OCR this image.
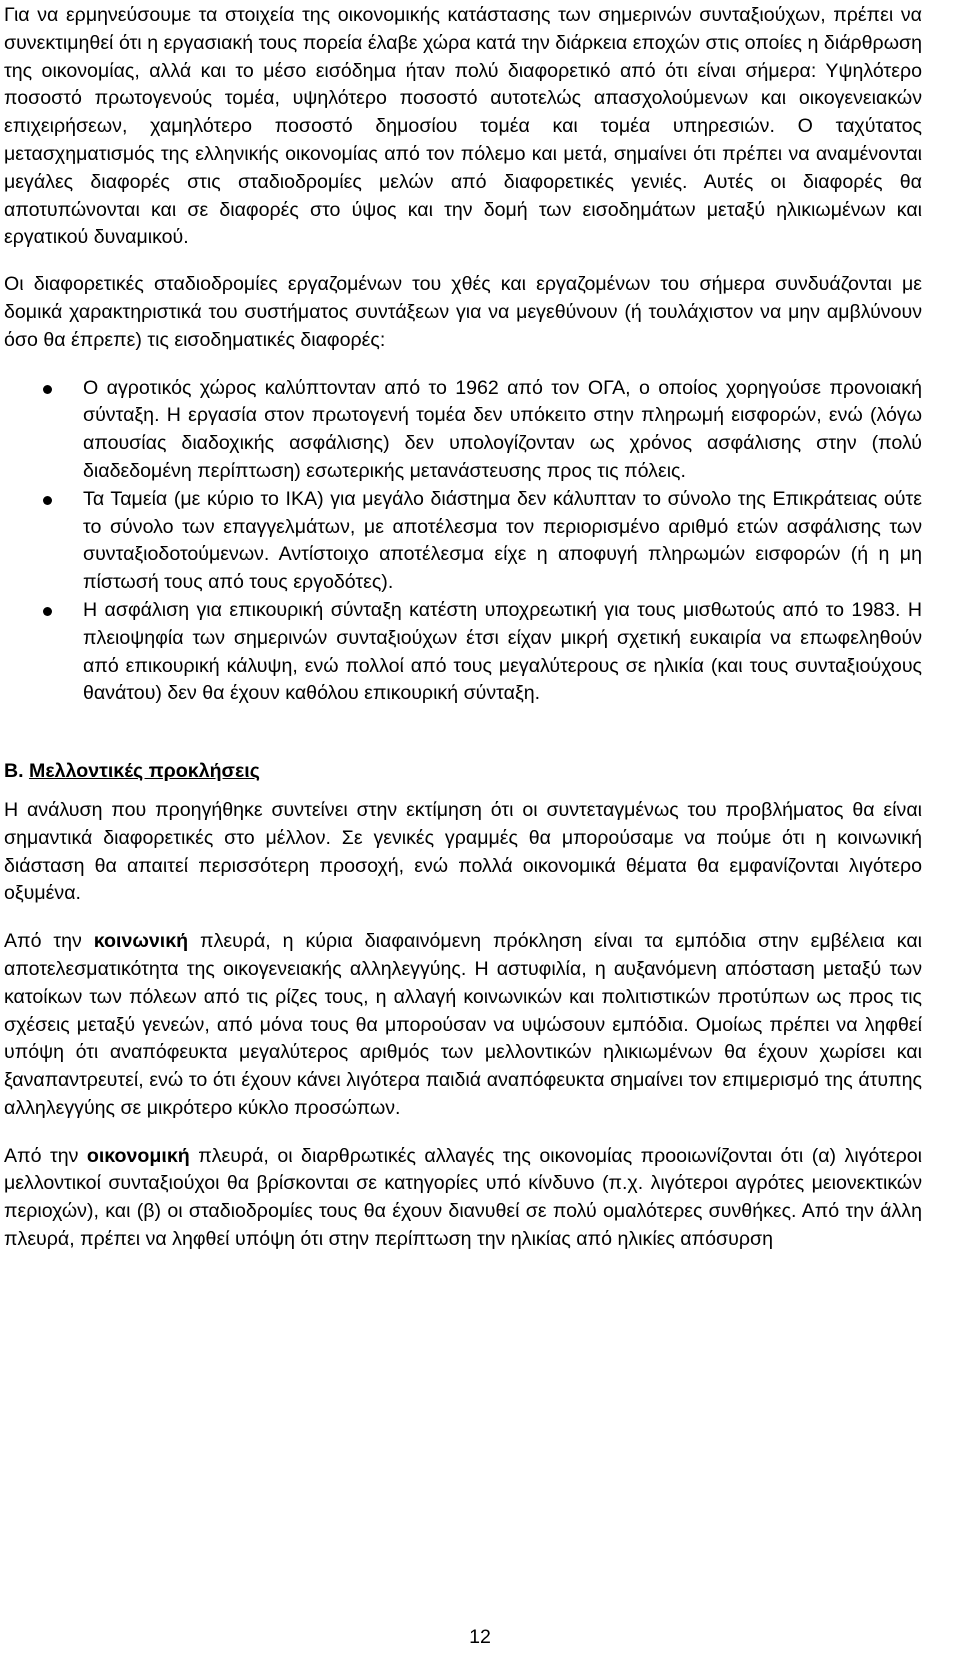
Για να ερμηνεύσουμε τα στοιχεία της οικονομικής κατάστασης των σημερινών συνταξιούχων, πρέπει να συνεκτιμηθεί ότι η εργασιακή τους πορεία έλαβε χώρα κατά την διάρκεια εποχών στις οποίες η διάρθρωση της οικονομίας, αλλά και το μέσο εισόδημα ήταν πολύ διαφορετικό από ότι είναι σήμερα: Υψηλότερο ποσοστό πρωτογενούς τομέα, υψηλότερο ποσοστό αυτοτελώς απασχολούμενων και οικογενειακών επιχειρήσεων, χαμηλότερο ποσοστό δημοσίου τομέα και τομέα υπηρεσιών. Ο ταχύτατος μετασχηματισμός της ελληνικής οικονομίας από τον πόλεμο και μετά, σημαίνει ότι πρέπει να αναμένονται μεγάλες διαφορές στις σταδιοδρομίες μελών από διαφορετικές γενιές. Αυτές οι διαφορές θα αποτυπώνονται και σε διαφορές στο ύψος και την δομή των εισοδημάτων μεταξύ ηλικιωμένων και εργατικού δυναμικού.

Οι διαφορετικές σταδιοδρομίες εργαζομένων του χθές και εργαζομένων του σήμερα συνδυάζονται με δομικά χαρακτηριστικά του συστήματος συντάξεων για να μεγεθύνουν (ή τουλάχιστον να μην αμβλύνουν όσο θα έπρεπε) τις εισοδηματικές διαφορές:

Ο αγροτικός χώρος καλύπτονταν από το 1962 από τον ΟΓΑ, ο οποίος χορηγούσε προνοιακή σύνταξη. Η εργασία στον πρωτογενή τομέα δεν υπόκειτο στην πληρωμή εισφορών, ενώ (λόγω απουσίας διαδοχικής ασφάλισης) δεν υπολογίζονταν ως χρόνος ασφάλισης στην (πολύ διαδεδομένη περίπτωση) εσωτερικής μετανάστευσης προς τις πόλεις.
Τα Ταμεία (με κύριο το ΙΚΑ) για μεγάλο διάστημα δεν κάλυπταν το σύνολο της Επικράτειας ούτε το σύνολο των επαγγελμάτων, με αποτέλεσμα τον περιορισμένο αριθμό ετών ασφάλισης των συνταξιοδοτούμενων. Αντίστοιχο αποτέλεσμα είχε η αποφυγή πληρωμών εισφορών (ή η μη πίστωσή τους από τους εργοδότες).
Η ασφάλιση για επικουρική σύνταξη κατέστη υποχρεωτική για τους μισθωτούς από το 1983. Η πλειοψηφία των σημερινών συνταξιούχων έτσι είχαν μικρή σχετική ευκαιρία να επωφεληθούν από επικουρική κάλυψη, ενώ πολλοί από τους μεγαλύτερους σε ηλικία (και τους συνταξιούχους θανάτου) δεν θα έχουν καθόλου επικουρική σύνταξη.
Β. Μελλοντικές προκλήσεις

Η ανάλυση που προηγήθηκε συντείνει στην εκτίμηση ότι οι συντεταγμένως του προβλήματος θα είναι σημαντικά διαφορετικές στο μέλλον. Σε γενικές γραμμές θα μπορούσαμε να πούμε ότι η κοινωνική διάσταση θα απαιτεί περισσότερη προσοχή, ενώ πολλά οικονομικά θέματα θα εμφανίζονται λιγότερο οξυμένα.

Από την κοινωνική πλευρά, η κύρια διαφαινόμενη πρόκληση είναι τα εμπόδια στην εμβέλεια και αποτελεσματικότητα της οικογενειακής αλληλεγγύης. Η αστυφιλία, η αυξανόμενη απόσταση μεταξύ των κατοίκων των πόλεων από τις ρίζες τους, η αλλαγή κοινωνικών και πολιτιστικών προτύπων ως προς τις σχέσεις μεταξύ γενεών, από μόνα τους θα μπορούσαν να υψώσουν εμπόδια. Ομοίως πρέπει να ληφθεί υπόψη ότι αναπόφευκτα μεγαλύτερος αριθμός των μελλοντικών ηλικιωμένων θα έχουν χωρίσει και ξαναπαντρευτεί, ενώ το ότι έχουν κάνει λιγότερα παιδιά αναπόφευκτα σημαίνει τον επιμερισμό της άτυπης αλληλεγγύης σε μικρότερο κύκλο προσώπων.

Από την οικονομική πλευρά, οι διαρθρωτικές αλλαγές της οικονομίας προοιωνίζονται ότι (α) λιγότεροι μελλοντικοί συνταξιούχοι θα βρίσκονται σε κατηγορίες υπό κίνδυνο (π.χ. λιγότεροι αγρότες μειονεκτικών περιοχών), και (β) οι σταδιοδρομίες τους θα έχουν διανυθεί σε πολύ ομαλότερες συνθήκες. Από την άλλη πλευρά, πρέπει να ληφθεί υπόψη ότι στην περίπτωση την ηλικίας από ηλικίες απόσυρση

12
